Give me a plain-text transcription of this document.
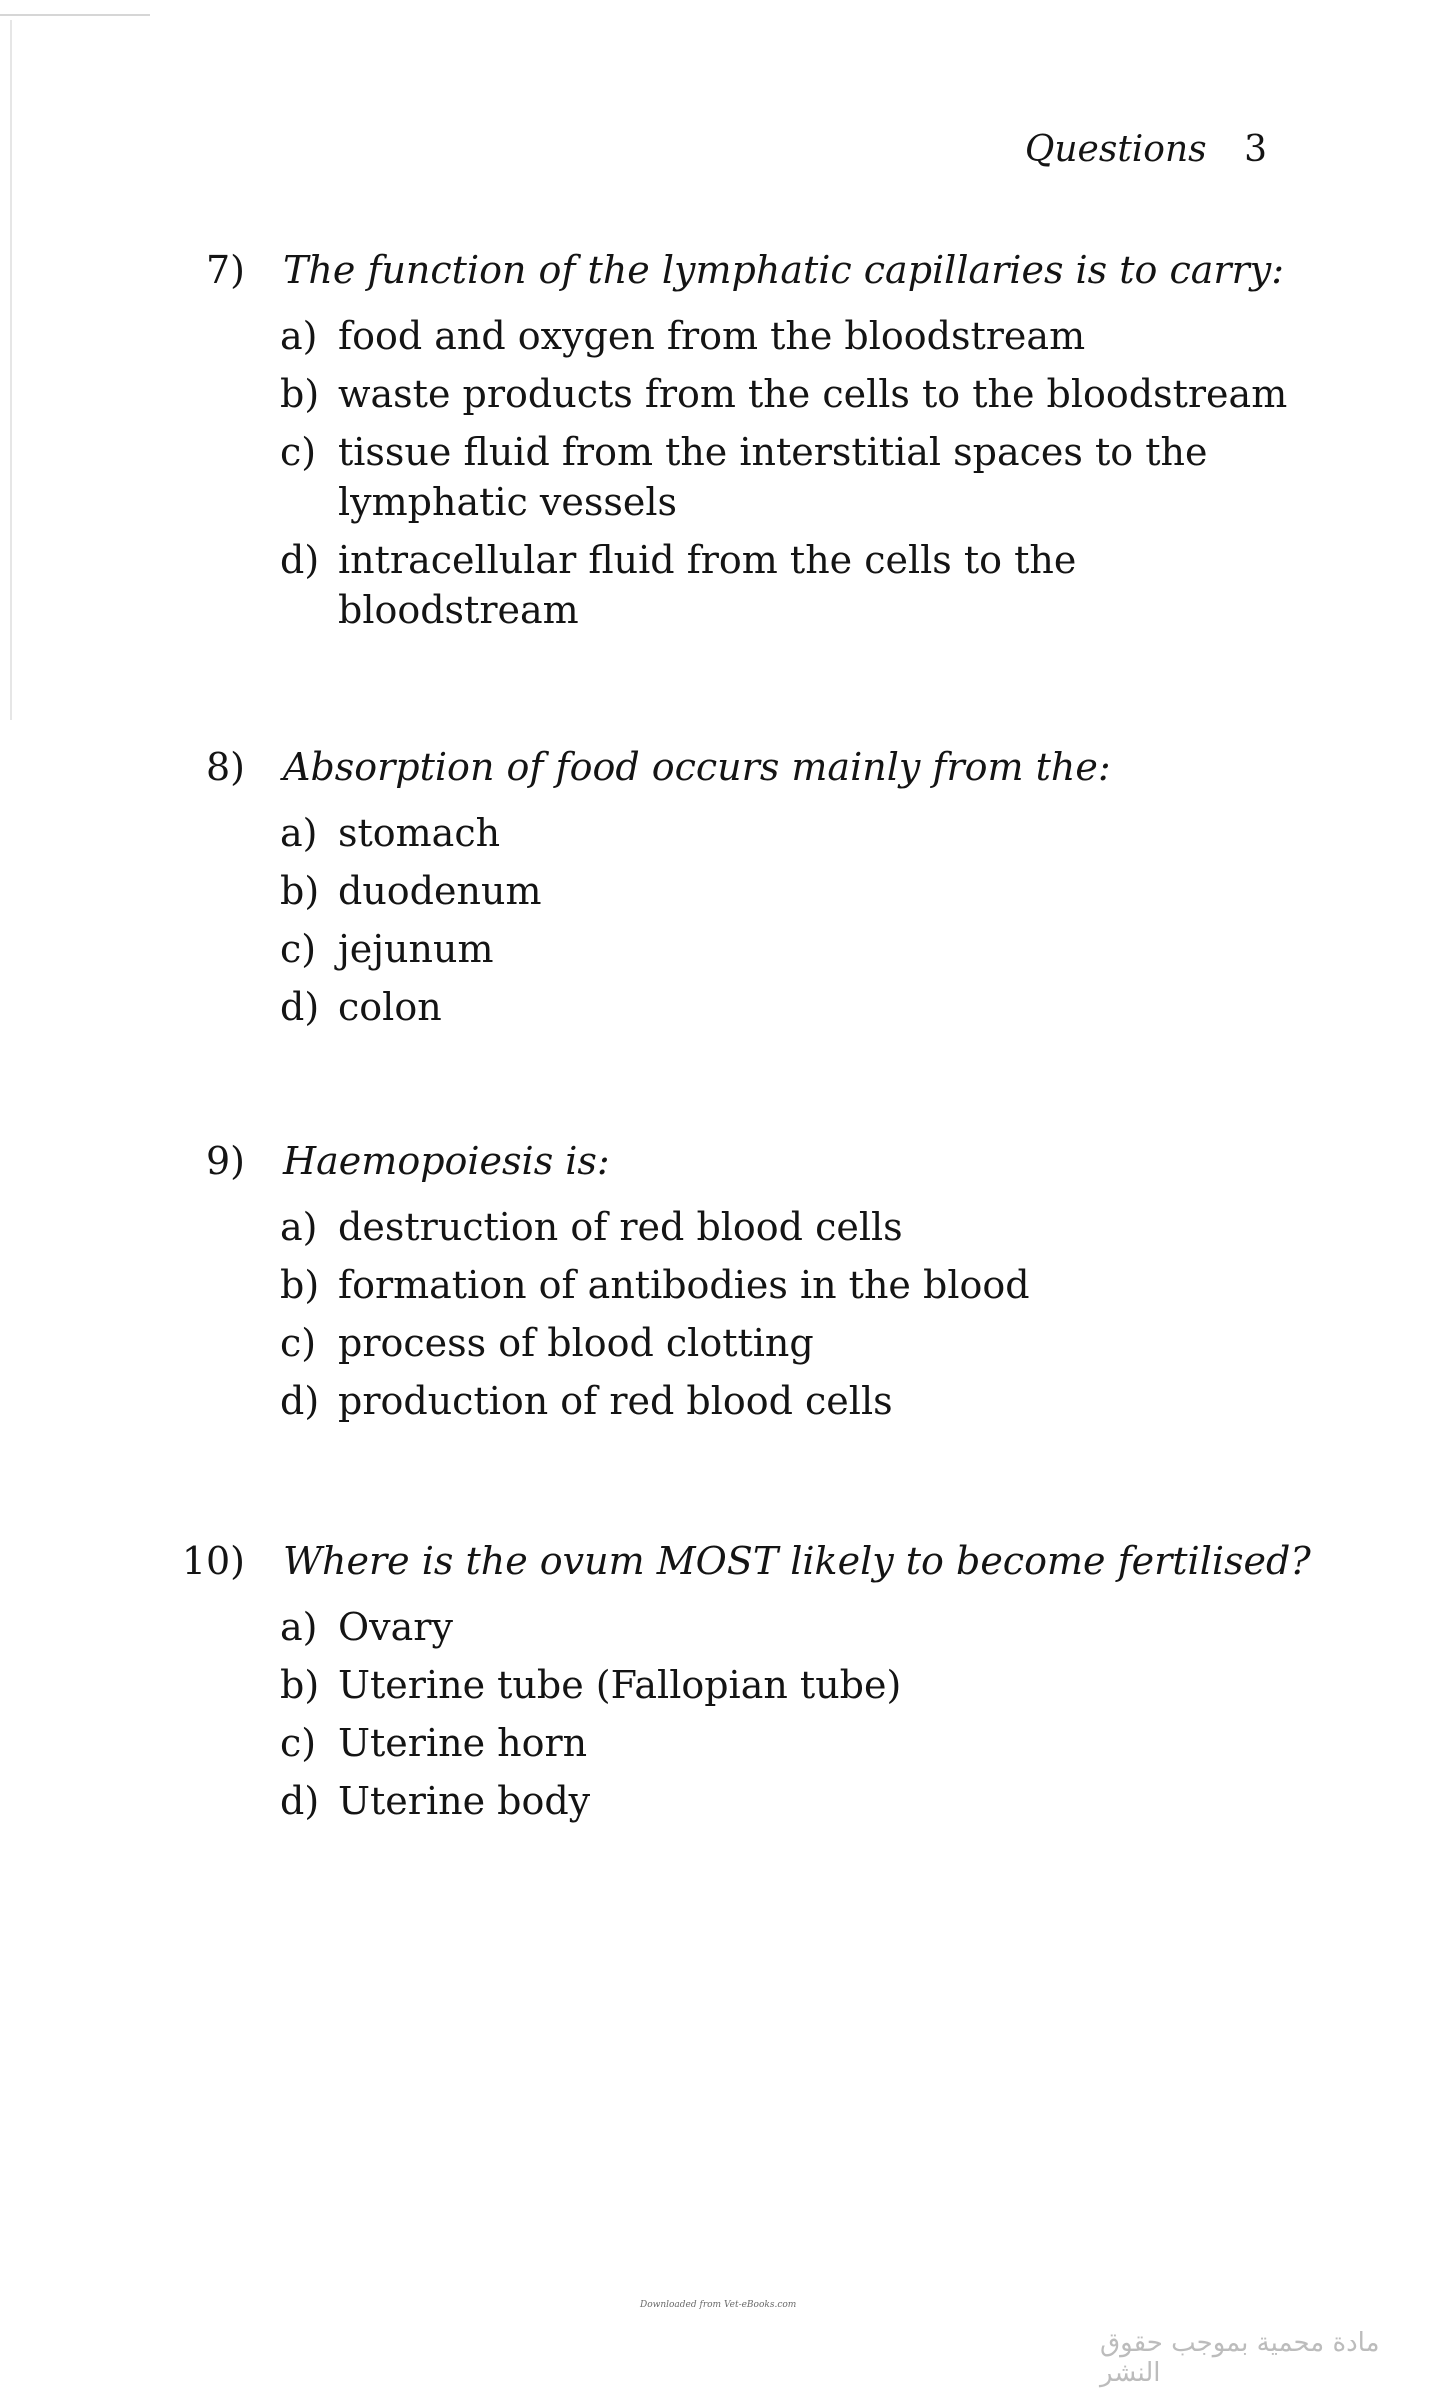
Questions 3
7) The function of the lymphatic capillaries is to carry:
a) food and oxygen from the bloodstream
b) waste products from the cells to the bloodstream
c) tissue fluid from the interstitial spaces to the
lymphatic vessels
d) intracellular fluid from the cells to the
bloodstream
8) Absorption of food occurs mainly from the:
a) stomach
b) duodenum
c) jejunum
d) colon
9) Haemopoiesis is:
a) destruction of red blood cells
b) formation of antibodies in the blood
c) process of blood clotting
d) production of red blood cells
10) Where is the ovum MOST likely to become fertilised?
a) Ovary
b) Uterine tube (Fallopian tube)
c) Uterine horn
d) Uterine body
Downloaded from Vet-eBooks.com
مادة محمية بموجب حقوق النشر
